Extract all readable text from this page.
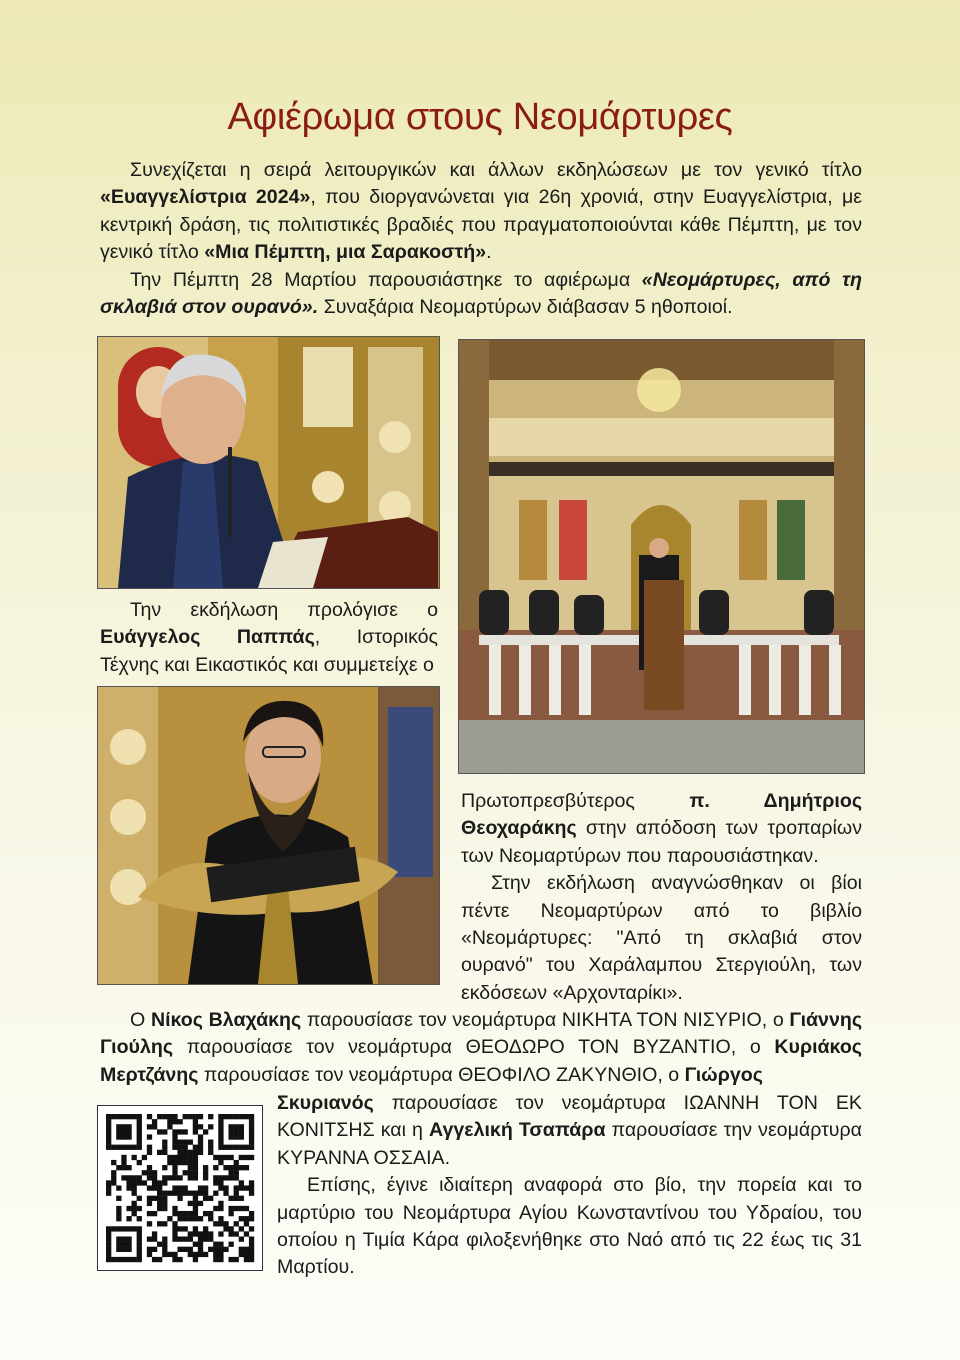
Αφιέρωμα στους Νεομάρτυρες

Συνεχίζεται η σειρά λειτουργικών και άλλων εκδηλώσεων με τον γενικό τίτλο «Ευαγγελίστρια 2024», που διοργανώνεται για 26η χρονιά, στην Ευαγγελίστρια, με κεντρική δράση, τις πολιτιστικές βραδιές που πραγματοποιούνται κάθε Πέμπτη, με τον γενικό τίτλο «Μια Πέμπτη, μια Σαρακοστή».

Την Πέμπτη 28 Μαρτίου παρουσιάστηκε το αφιέρωμα «Νεομάρτυρες, από τη σκλαβιά στον ουρανό». Συναξάρια Νεομαρτύρων διάβασαν 5 ηθοποιοί.

Την εκδήλωση προλόγισε ο Ευάγγελος Παππάς, Ιστορικός Τέχνης και Εικαστικός και συμμετείχε ο

Πρωτοπρεσβύτερος π. Δημήτριος Θεοχαράκης στην απόδοση των τροπαρίων των Νεομαρτύρων που παρουσιάστηκαν.

Στην εκδήλωση αναγνώσθηκαν οι βίοι πέντε Νεομαρτύρων από το βιβλίο «Νεομάρτυρες: "Από τη σκλαβιά στον ουρανό" του Χαράλαμπου Στεργιούλη, των εκδόσεων «Αρχονταρίκι».

Ο Νίκος Βλαχάκης παρουσίασε τον νεομάρτυρα ΝΙΚΗΤΑ ΤΟΝ ΝΙΣΥΡΙΟ, ο Γιάννης Γιούλης παρουσίασε τον νεομάρτυρα ΘΕΟΔΩΡΟ ΤΟΝ ΒΥΖΑΝΤΙΟ, ο Κυριάκος Μερτζάνης παρουσίασε τον νεομάρτυρα ΘΕΟΦΙΛΟ ΖΑΚΥΝΘΙΟ, ο Γιώργος

Σκυριανός παρουσίασε τον νεομάρτυρα ΙΩΑΝΝΗ ΤΟΝ ΕΚ ΚΟΝΙΤΣΗΣ και η Αγγελική Τσαπάρα παρουσίασε την νεομάρτυρα ΚΥΡΑΝΝΑ ΟΣΣΑΙΑ.

Επίσης, έγινε ιδιαίτερη αναφορά στο βίο, την πορεία και το μαρτύριο του Νεομάρτυρα Αγίου Κωνσταντίνου του Υδραίου, του οποίου η Τιμία Κάρα φιλοξενήθηκε στο Ναό από τις 22 έως τις 31 Μαρτίου.
